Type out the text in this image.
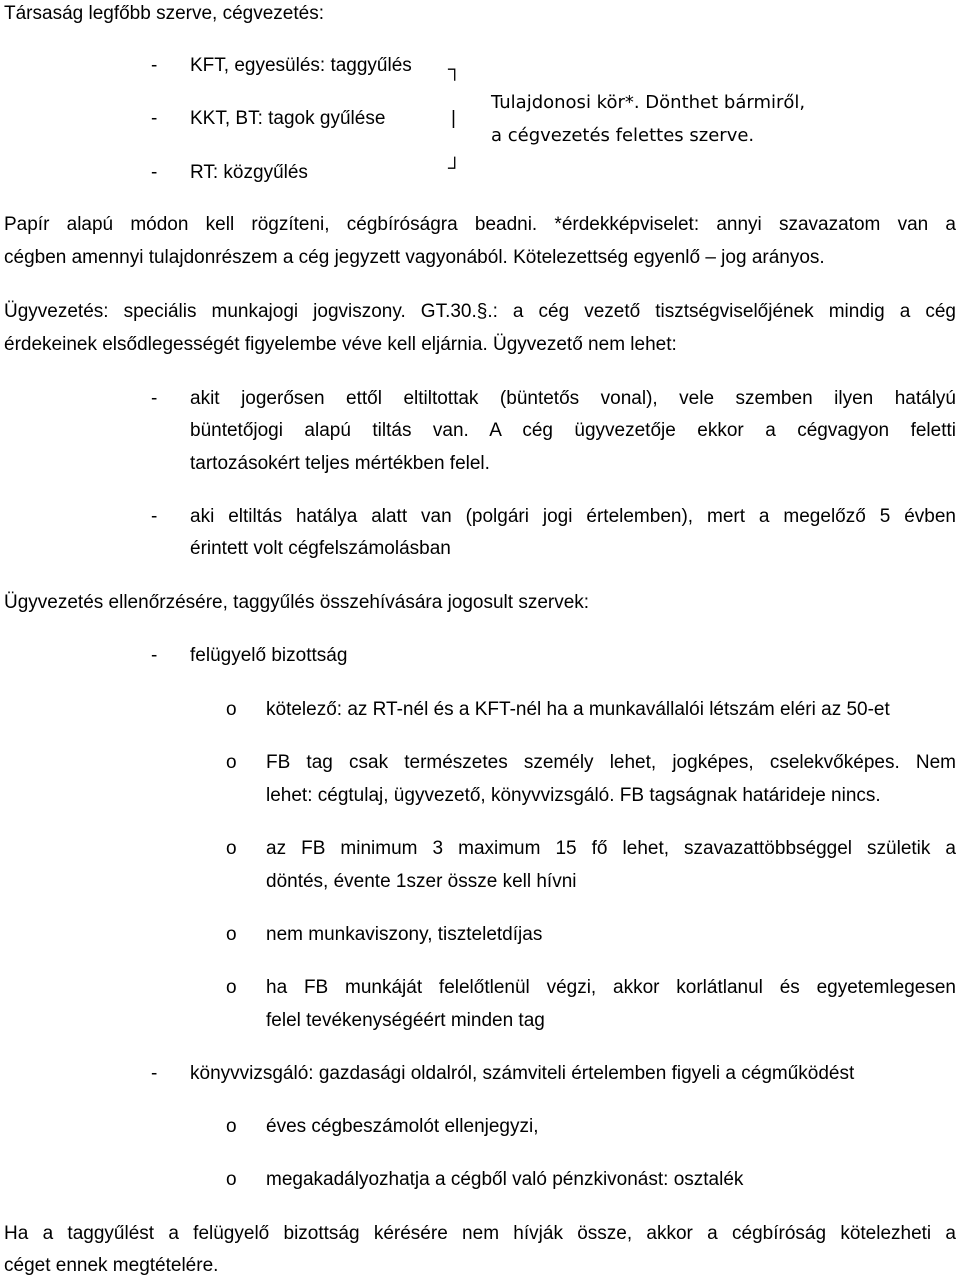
Társaság legfőbb szerve, cégvezetés:
- KFT, egyesülés: taggyűlés
- KKT, BT: tagok gyűlése
- RT: közgyűlés
┐
|
┘
Tulajdonosi kör*. Dönthet bármiről,
a cégvezetés felettes szerve.
Papír alapú módon kell rögzíteni, cégbíróságra beadni. *érdekképviselet: annyi szavazatom van a
cégben amennyi tulajdonrészem a cég jegyzett vagyonából. Kötelezettség egyenlő – jog arányos.
Ügyvezetés: speciális munkajogi jogviszony. GT.30.§.: a cég vezető tisztségviselőjének mindig a cég
érdekeinek elsődlegességét figyelembe véve kell eljárnia. Ügyvezető nem lehet:
- akit jogerősen ettől eltiltottak (büntetős vonal), vele szemben ilyen hatályú
büntetőjogi alapú tiltás van. A cég ügyvezetője ekkor a cégvagyon feletti
tartozásokért teljes mértékben felel.
- aki eltiltás hatálya alatt van (polgári jogi értelemben), mert a megelőző 5 évben
érintett volt cégfelszámolásban
Ügyvezetés ellenőrzésére, taggyűlés összehívására jogosult szervek:
- felügyelő bizottság
o kötelező: az RT-nél és a KFT-nél ha a munkavállalói létszám eléri az 50-et
o FB tag csak természetes személy lehet, jogképes, cselekvőképes. Nem
lehet: cégtulaj, ügyvezető, könyvvizsgáló. FB tagságnak határideje nincs.
o az FB minimum 3 maximum 15 fő lehet, szavazattöbbséggel születik a
döntés, évente 1szer össze kell hívni
o nem munkaviszony, tiszteletdíjas
o ha FB munkáját felelőtlenül végzi, akkor korlátlanul és egyetemlegesen
felel tevékenységéért minden tag
- könyvvizsgáló: gazdasági oldalról, számviteli értelemben figyeli a cégműködést
o éves cégbeszámolót ellenjegyzi,
o megakadályozhatja a cégből való pénzkivonást: osztalék
Ha a taggyűlést a felügyelő bizottság kérésére nem hívják össze, akkor a cégbíróság kötelezheti a
céget ennek megtételére.
